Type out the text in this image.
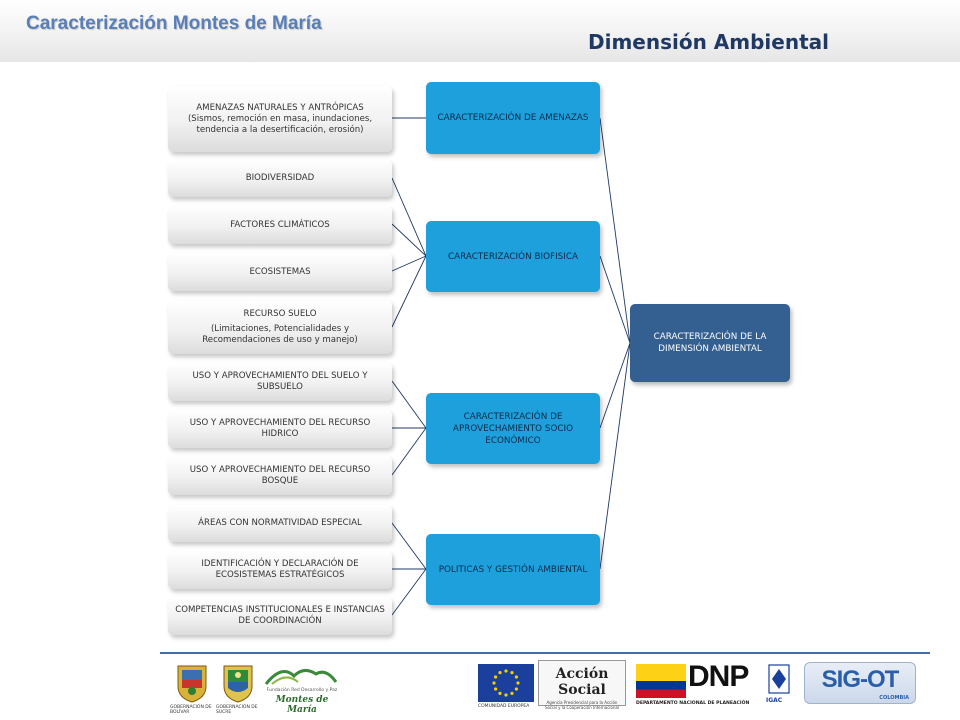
Caracterización Montes de María
Dimensión Ambiental
AMENAZAS NATURALES Y ANTRÓPICAS
(Sismos, remoción en masa, inundaciones, tendencia a la desertificación, erosión)
BIODIVERSIDAD
FACTORES CLIMÁTICOS
ECOSISTEMAS
RECURSO SUELO
(Limitaciones, Potencialidades y Recomendaciones de uso y manejo)
USO Y APROVECHAMIENTO DEL SUELO Y SUBSUELO
USO Y APROVECHAMIENTO DEL RECURSO HIDRICO
USO Y APROVECHAMIENTO DEL RECURSO BOSQUE
ÁREAS CON NORMATIVIDAD ESPECIAL
IDENTIFICACIÓN Y DECLARACIÓN DE ECOSISTEMAS ESTRATÉGICOS
COMPETENCIAS INSTITUCIONALES E INSTANCIAS DE COORDINACIÓN
CARACTERIZACIÓN DE AMENAZAS
CARACTERIZACIÓN BIOFISICA
CARACTERIZACIÓN DE APROVECHAMIENTO SOCIO ECONÓMICO
POLITICAS Y GESTIÓN AMBIENTAL
CARACTERIZACIÓN DE LA DIMENSIÓN AMBIENTAL
GOBERNACIÓN DE BOLÍVAR
GOBERNACIÓN DE SUCRE
Fundación Red Desarrollo y Paz
Montes de María	COMUNIDAD EUROPEA
Acción Social
Agencia Presidencial para la Acción Social y la Cooperación Internacional
DNP
DEPARTAMENTO NACIONAL DE PLANEACIÓN	IGAC
SIG-OT
COLOMBIA
